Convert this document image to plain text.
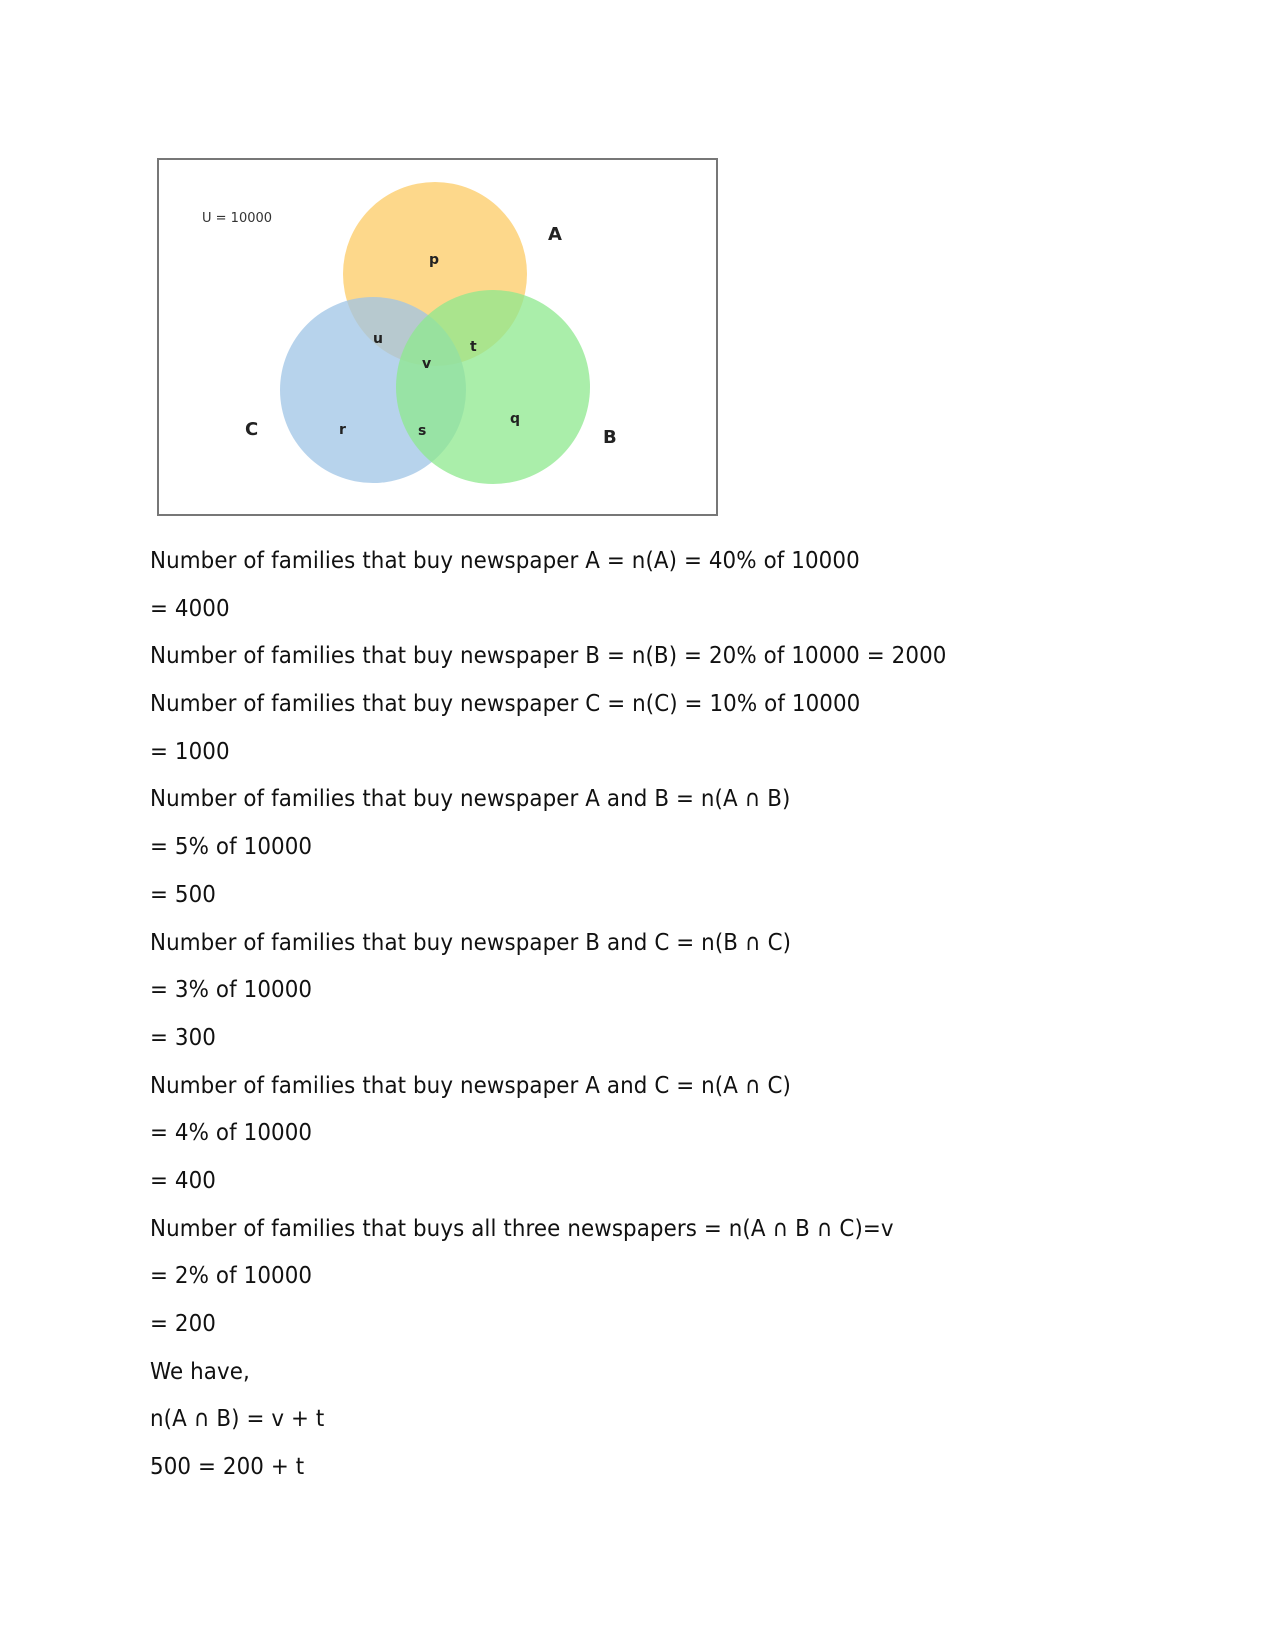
U = 10000
A
B
C
p
u	t
v
r	s
q
Number of families that buy newspaper A = n(A) = 40% of 10000
= 4000
Number of families that buy newspaper B = n(B) = 20% of 10000 = 2000
Number of families that buy newspaper C = n(C) = 10% of 10000
= 1000
Number of families that buy newspaper A and B = n(A ∩ B)
= 5% of 10000
= 500
Number of families that buy newspaper B and C = n(B ∩ C)
= 3% of 10000
= 300
Number of families that buy newspaper A and C = n(A ∩ C)
= 4% of 10000
= 400
Number of families that buys all three newspapers = n(A ∩ B ∩ C)=v
= 2% of 10000
= 200
We have,
n(A ∩ B) = v + t
500 = 200 + t
